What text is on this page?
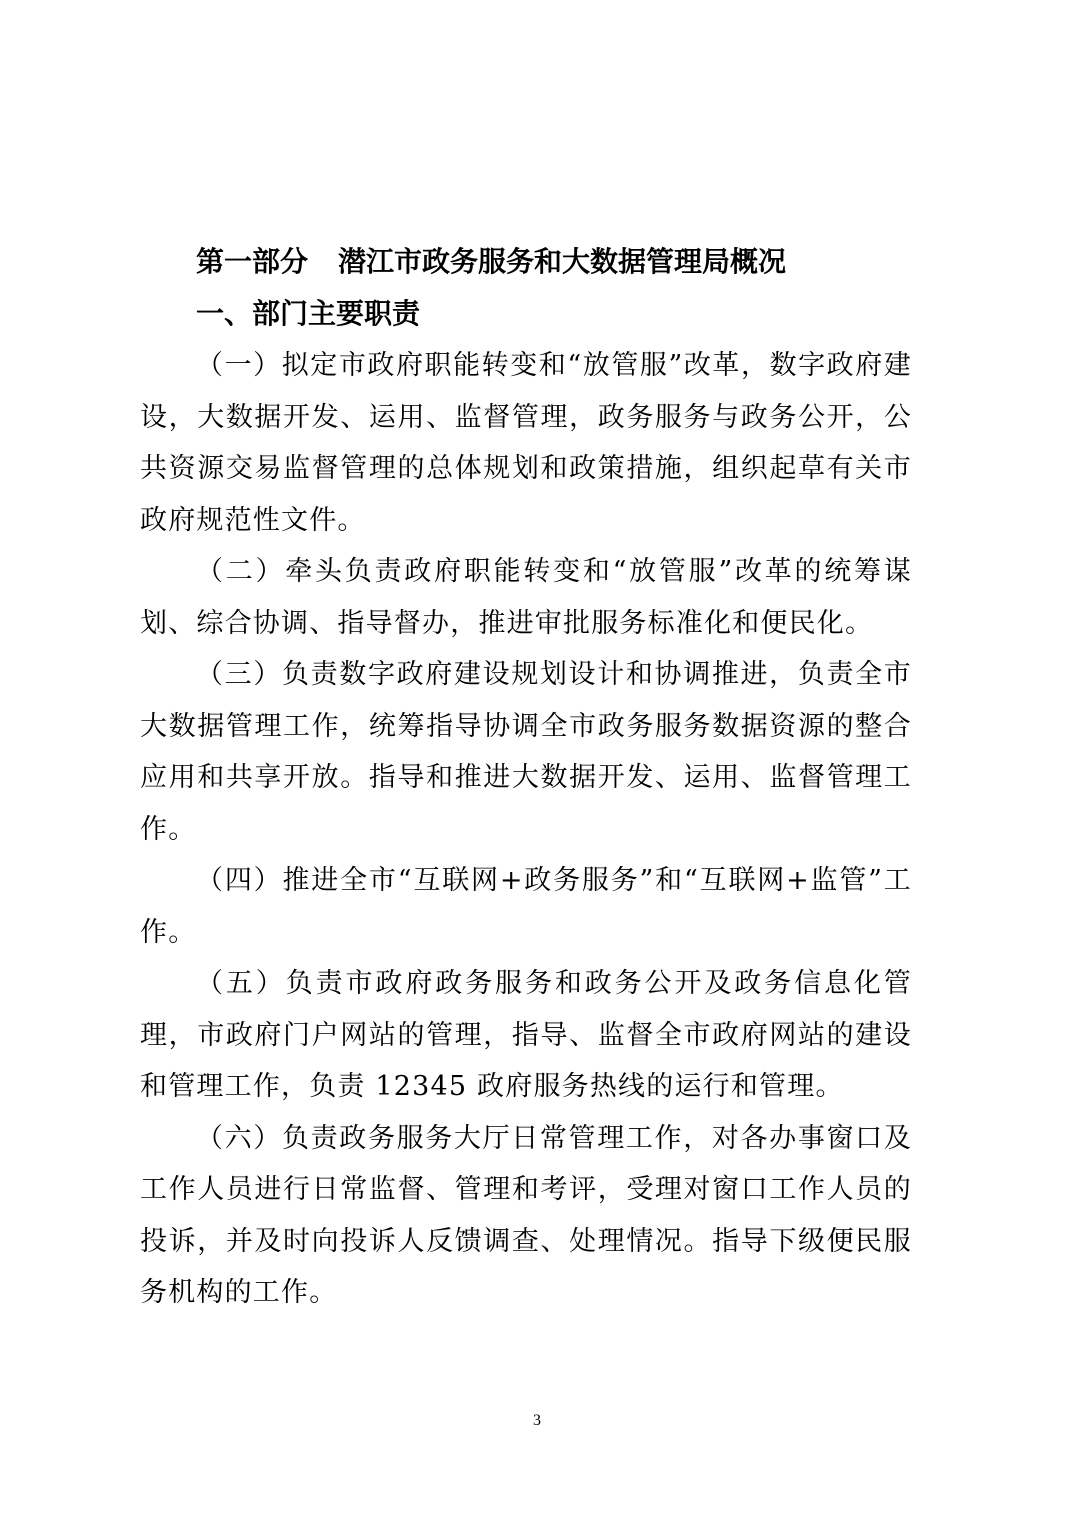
第一部分 潜江市政务服务和大数据管理局概况
一、部门主要职责

（一）拟定市政府职能转变和“放管服”改革，数字政府建设，大数据开发、运用、监督管理，政务服务与政务公开，公共资源交易监督管理的总体规划和政策措施，组织起草有关市政府规范性文件。

（二）牵头负责政府职能转变和“放管服”改革的统筹谋划、综合协调、指导督办，推进审批服务标准化和便民化。

（三）负责数字政府建设规划设计和协调推进，负责全市大数据管理工作，统筹指导协调全市政务服务数据资源的整合应用和共享开放。指导和推进大数据开发、运用、监督管理工作。

（四）推进全市“互联网+政务服务”和“互联网+监管”工作。

（五）负责市政府政务服务和政务公开及政务信息化管理，市政府门户网站的管理，指导、监督全市政府网站的建设和管理工作，负责 12345 政府服务热线的运行和管理。

（六）负责政务服务大厅日常管理工作，对各办事窗口及工作人员进行日常监督、管理和考评，受理对窗口工作人员的投诉，并及时向投诉人反馈调查、处理情况。指导下级便民服务机构的工作。

3
